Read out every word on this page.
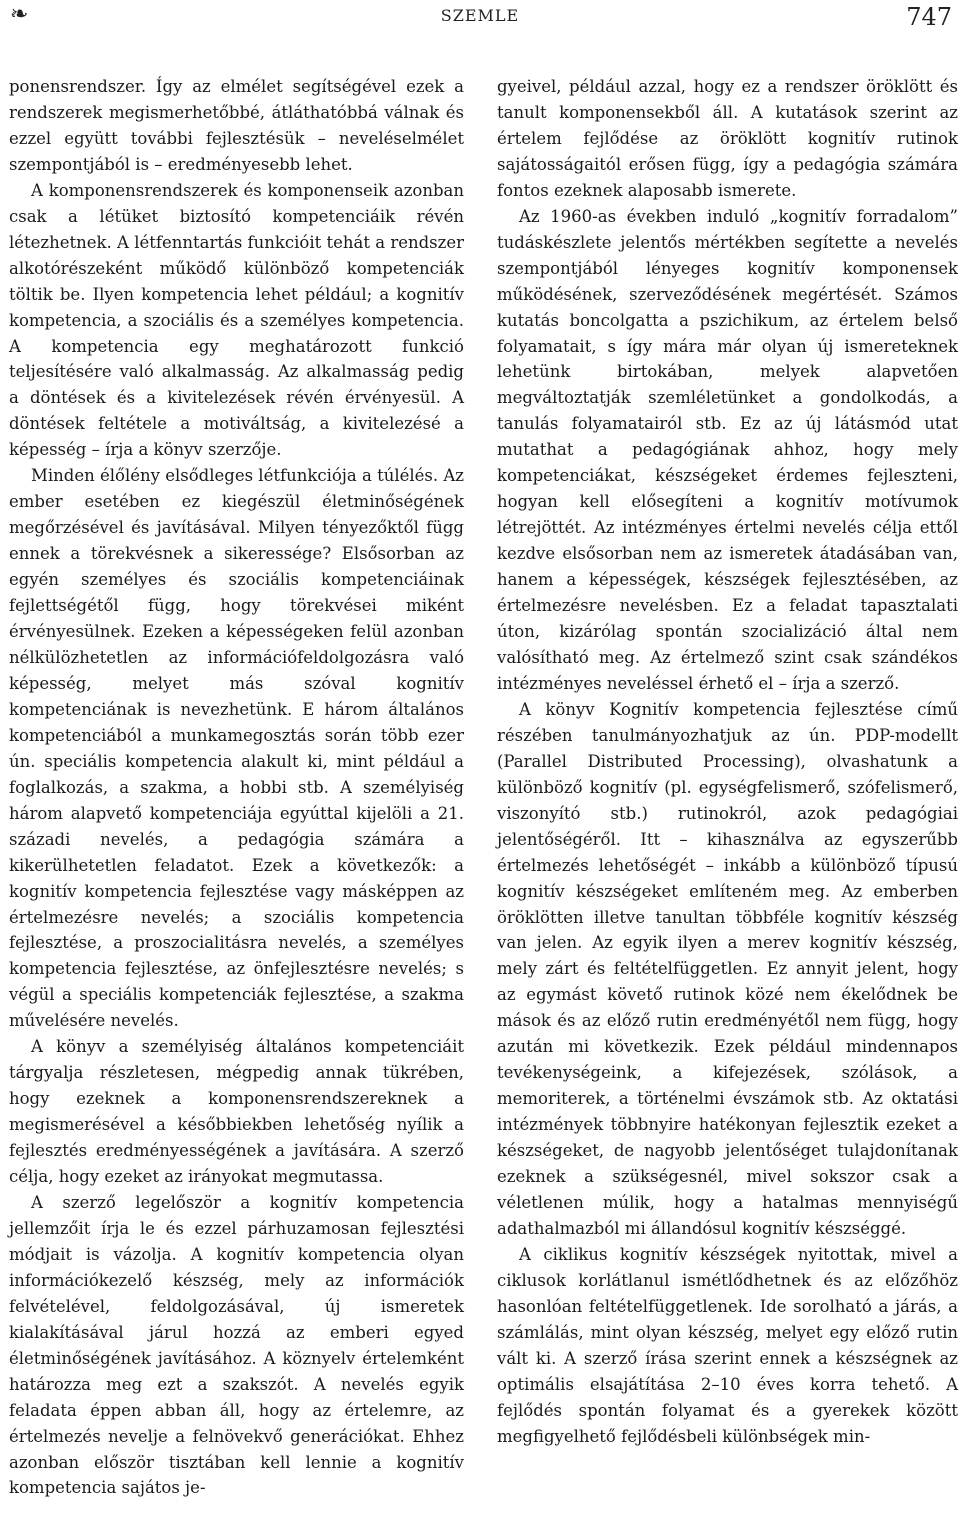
❧	SZEMLE	747

ponensrendszer. Így az elmélet segítségével ezek a rendszerek megismerhetőbbé, átláthatóbbá válnak és ezzel együtt további fejlesztésük – neveléselmélet szempontjából is – eredményesebb lehet.

A komponensrendszerek és komponenseik azonban csak a létüket biztosító kompetenciáik révén létezhetnek. A létfenntartás funkcióit tehát a rendszer alkotórészeként működő különböző kompetenciák töltik be. Ilyen kompetencia lehet például; a kognitív kompetencia, a szociális és a személyes kompetencia. A kompetencia egy meghatározott funkció teljesítésére való alkalmasság. Az alkalmasság pedig a döntések és a kivitelezések révén érvényesül. A döntések feltétele a motiváltság, a kivitelezésé a képesség – írja a könyv szerzője.

Minden élőlény elsődleges létfunkciója a túlélés. Az ember esetében ez kiegészül életminőségének megőrzésével és javításával. Milyen tényezőktől függ ennek a törekvésnek a sikeressége? Elsősorban az egyén személyes és szociális kompetenciáinak fejlettségétől függ, hogy törekvései miként érvényesülnek. Ezeken a képességeken felül azonban nélkülözhetetlen az információfeldolgozásra való képesség, melyet más szóval kognitív kompetenciának is nevezhetünk. E három általános kompetenciából a munkamegosztás során több ezer ún. speciális kompetencia alakult ki, mint például a foglalkozás, a szakma, a hobbi stb. A személyiség három alapvető kompetenciája egyúttal kijelöli a 21. századi nevelés, a pedagógia számára a kikerülhetetlen feladatot. Ezek a következők: a kognitív kompetencia fejlesztése vagy másképpen az értelmezésre nevelés; a szociális kompetencia fejlesztése, a proszocialitásra nevelés, a személyes kompetencia fejlesztése, az önfejlesztésre nevelés; s végül a speciális kompetenciák fejlesztése, a szakma művelésére nevelés.

A könyv a személyiség általános kompetenciáit tárgyalja részletesen, mégpedig annak tükrében, hogy ezeknek a komponensrendszereknek a megismerésével a későbbiekben lehetőség nyílik a fejlesztés eredményességének a javítására. A szerző célja, hogy ezeket az irányokat megmutassa.

A szerző legelőször a kognitív kompetencia jellemzőit írja le és ezzel párhuzamosan fejlesztési módjait is vázolja. A kognitív kompetencia olyan információkezelő készség, mely az információk felvételével, feldolgozásával, új ismeretek kialakításával járul hozzá az emberi egyed életminőségének javításához. A köznyelv értelemként határozza meg ezt a szakszót. A nevelés egyik feladata éppen abban áll, hogy az értelemre, az értelmezés nevelje a felnövekvő generációkat. Ehhez azonban először tisztában kell lennie a kognitív kompetencia sajátos je-

gyeivel, például azzal, hogy ez a rendszer öröklött és tanult komponensekből áll. A kutatások szerint az értelem fejlődése az öröklött kognitív rutinok sajátosságaitól erősen függ, így a pedagógia számára fontos ezeknek alaposabb ismerete.

Az 1960-as években induló „kognitív forradalom” tudáskészlete jelentős mértékben segítette a nevelés szempontjából lényeges kognitív komponensek működésének, szerveződésének megértését. Számos kutatás boncolgatta a pszichikum, az értelem belső folyamatait, s így mára már olyan új ismereteknek lehetünk birtokában, melyek alapvetően megváltoztatják szemléletünket a gondolkodás, a tanulás folyamatairól stb. Ez az új látásmód utat mutathat a pedagógiának ahhoz, hogy mely kompetenciákat, készségeket érdemes fejleszteni, hogyan kell elősegíteni a kognitív motívumok létrejöttét. Az intézményes értelmi nevelés célja ettől kezdve elsősorban nem az ismeretek átadásában van, hanem a képességek, készségek fejlesztésében, az értelmezésre nevelésben. Ez a feladat tapasztalati úton, kizárólag spontán szocializáció által nem valósítható meg. Az értelmező szint csak szándékos intézményes neveléssel érhető el – írja a szerző.

A könyv Kognitív kompetencia fejlesztése című részében tanulmányozhatjuk az ún. PDP-modellt (Parallel Distributed Processing), olvashatunk a különböző kognitív (pl. egységfelismerő, szófelismerő, viszonyító stb.) rutinokról, azok pedagógiai jelentőségéről. Itt – kihasználva az egyszerűbb értelmezés lehetőségét – inkább a különböző típusú kognitív készségeket említeném meg. Az emberben öröklötten illetve tanultan többféle kognitív készség van jelen. Az egyik ilyen a merev kognitív készség, mely zárt és feltételfüggetlen. Ez annyit jelent, hogy az egymást követő rutinok közé nem ékelődnek be mások és az előző rutin eredményétől nem függ, hogy azután mi következik. Ezek például mindennapos tevékenységeink, a kifejezések, szólások, a memoriterek, a történelmi évszámok stb. Az oktatási intézmények többnyire hatékonyan fejlesztik ezeket a készségeket, de nagyobb jelentőséget tulajdonítanak ezeknek a szükségesnél, mivel sokszor csak a véletlenen múlik, hogy a hatalmas mennyiségű adathalmazból mi állandósul kognitív készséggé.

A ciklikus kognitív készségek nyitottak, mivel a ciklusok korlátlanul ismétlődhetnek és az előzőhöz hasonlóan feltételfüggetlenek. Ide sorolható a járás, a számlálás, mint olyan készség, melyet egy előző rutin vált ki. A szerző írása szerint ennek a készségnek az optimális elsajátítása 2–10 éves korra tehető. A fejlődés spontán folyamat és a gyerekek között megfigyelhető fejlődésbeli különbségek min-
